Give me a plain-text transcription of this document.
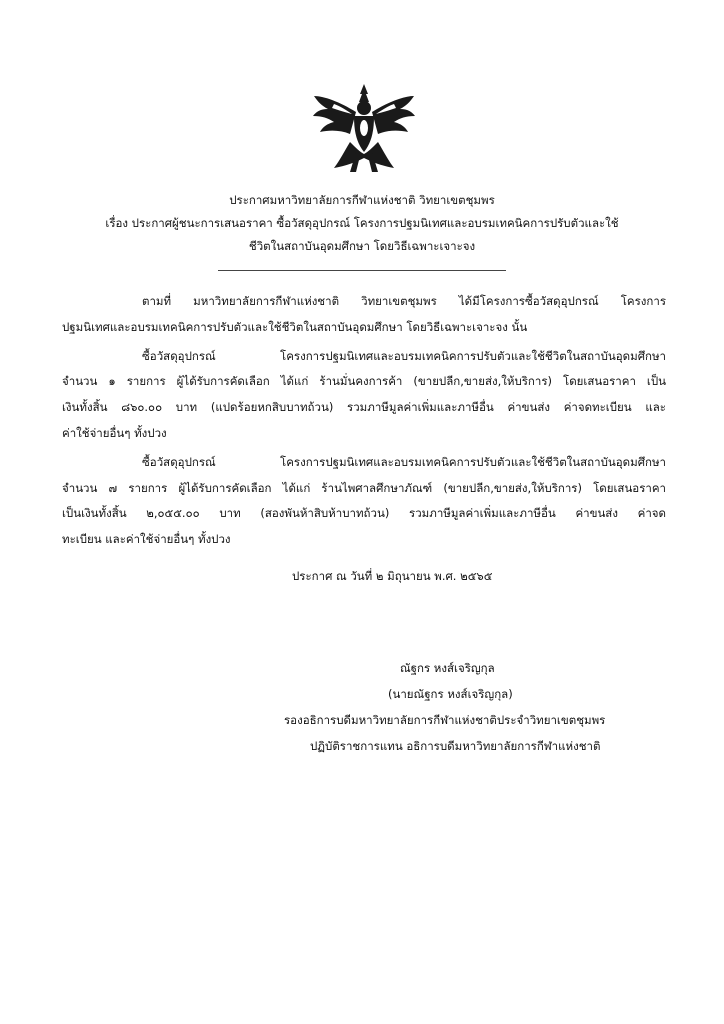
ประกาศมหาวิทยาลัยการกีฬาแห่งชาติ วิทยาเขตชุมพร
เรื่อง ประกาศผู้ชนะการเสนอราคา ซื้อวัสดุอุปกรณ์ โครงการปฐมนิเทศและอบรมเทคนิคการปรับตัวและใช้
ชีวิตในสถาบันอุดมศึกษา โดยวิธีเฉพาะเจาะจง
ตามที่ มหาวิทยาลัยการกีฬาแห่งชาติ วิทยาเขตชุมพร ได้มีโครงการซื้อวัสดุอุปกรณ์ โครงการ
ปฐมนิเทศและอบรมเทคนิคการปรับตัวและใช้ชีวิตในสถาบันอุดมศึกษา โดยวิธีเฉพาะเจาะจง นั้น
ซื้อวัสดุอุปกรณ์ โครงการปฐมนิเทศและอบรมเทคนิคการปรับตัวและใช้ชีวิตในสถาบันอุดมศึกษา
จำนวน ๑ รายการ ผู้ได้รับการคัดเลือก ได้แก่ ร้านมั่นคงการค้า (ขายปลีก,ขายส่ง,ให้บริการ) โดยเสนอราคา เป็น
เงินทั้งสิ้น ๘๖๐.๐๐ บาท (แปดร้อยหกสิบบาทถ้วน) รวมภาษีมูลค่าเพิ่มและภาษีอื่น ค่าขนส่ง ค่าจดทะเบียน และ
ค่าใช้จ่ายอื่นๆ ทั้งปวง
ซื้อวัสดุอุปกรณ์ โครงการปฐมนิเทศและอบรมเทคนิคการปรับตัวและใช้ชีวิตในสถาบันอุดมศึกษา
จำนวน ๗ รายการ ผู้ได้รับการคัดเลือก ได้แก่ ร้านไพศาลศึกษาภัณฑ์ (ขายปลีก,ขายส่ง,ให้บริการ) โดยเสนอราคา
เป็นเงินทั้งสิ้น ๒,๐๕๕.๐๐ บาท (สองพันห้าสิบห้าบาทถ้วน) รวมภาษีมูลค่าเพิ่มและภาษีอื่น ค่าขนส่ง ค่าจด
ทะเบียน และค่าใช้จ่ายอื่นๆ ทั้งปวง
ประกาศ ณ วันที่ ๒ มิถุนายน พ.ศ. ๒๕๖๕
ณัฐกร หงส์เจริญกุล
(นายณัฐกร หงส์เจริญกุล)
รองอธิการบดีมหาวิทยาลัยการกีฬาแห่งชาติประจำวิทยาเขตชุมพร
ปฏิบัติราชการแทน อธิการบดีมหาวิทยาลัยการกีฬาแห่งชาติ
